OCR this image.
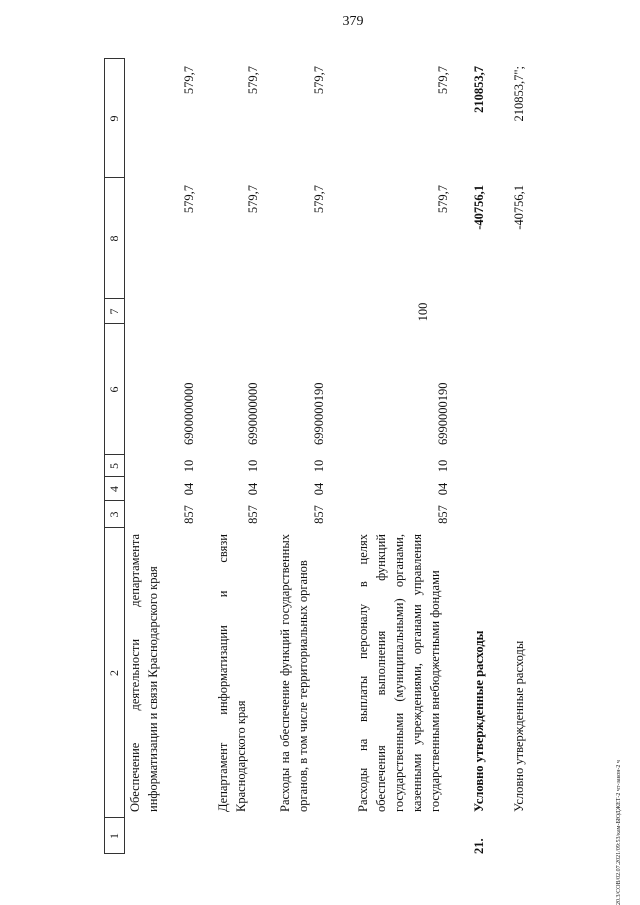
379
20.3/СОВ/02.07.2021/09:53/кам-БЮДЖЕТ-2 чт-закон-2 ч
1
2
3
4
5
6
7
8
9
Обеспечение деятельности департамента информатизации и связи Краснодарского края
857
04
10
6900000000
579,7
579,7
Департамент информатизации и связи Краснодарского края
857
04
10
6990000000
579,7
579,7
Расходы на обеспечение функций государственных органов, в том числе территориальных органов
857
04
10
6990000190
579,7
579,7
Расходы на выплаты персоналу в целях обеспечения выполнения функций государственными (муниципальными) органами, казенными учреждениями, органами управления государственными внебюджетными фондами
857
04
10
6990000190
100
579,7
579,7
21.
Условно утвержденные расходы
-40756,1
210853,7
Условно утвержденные расходы
-40756,1
210853,7";
